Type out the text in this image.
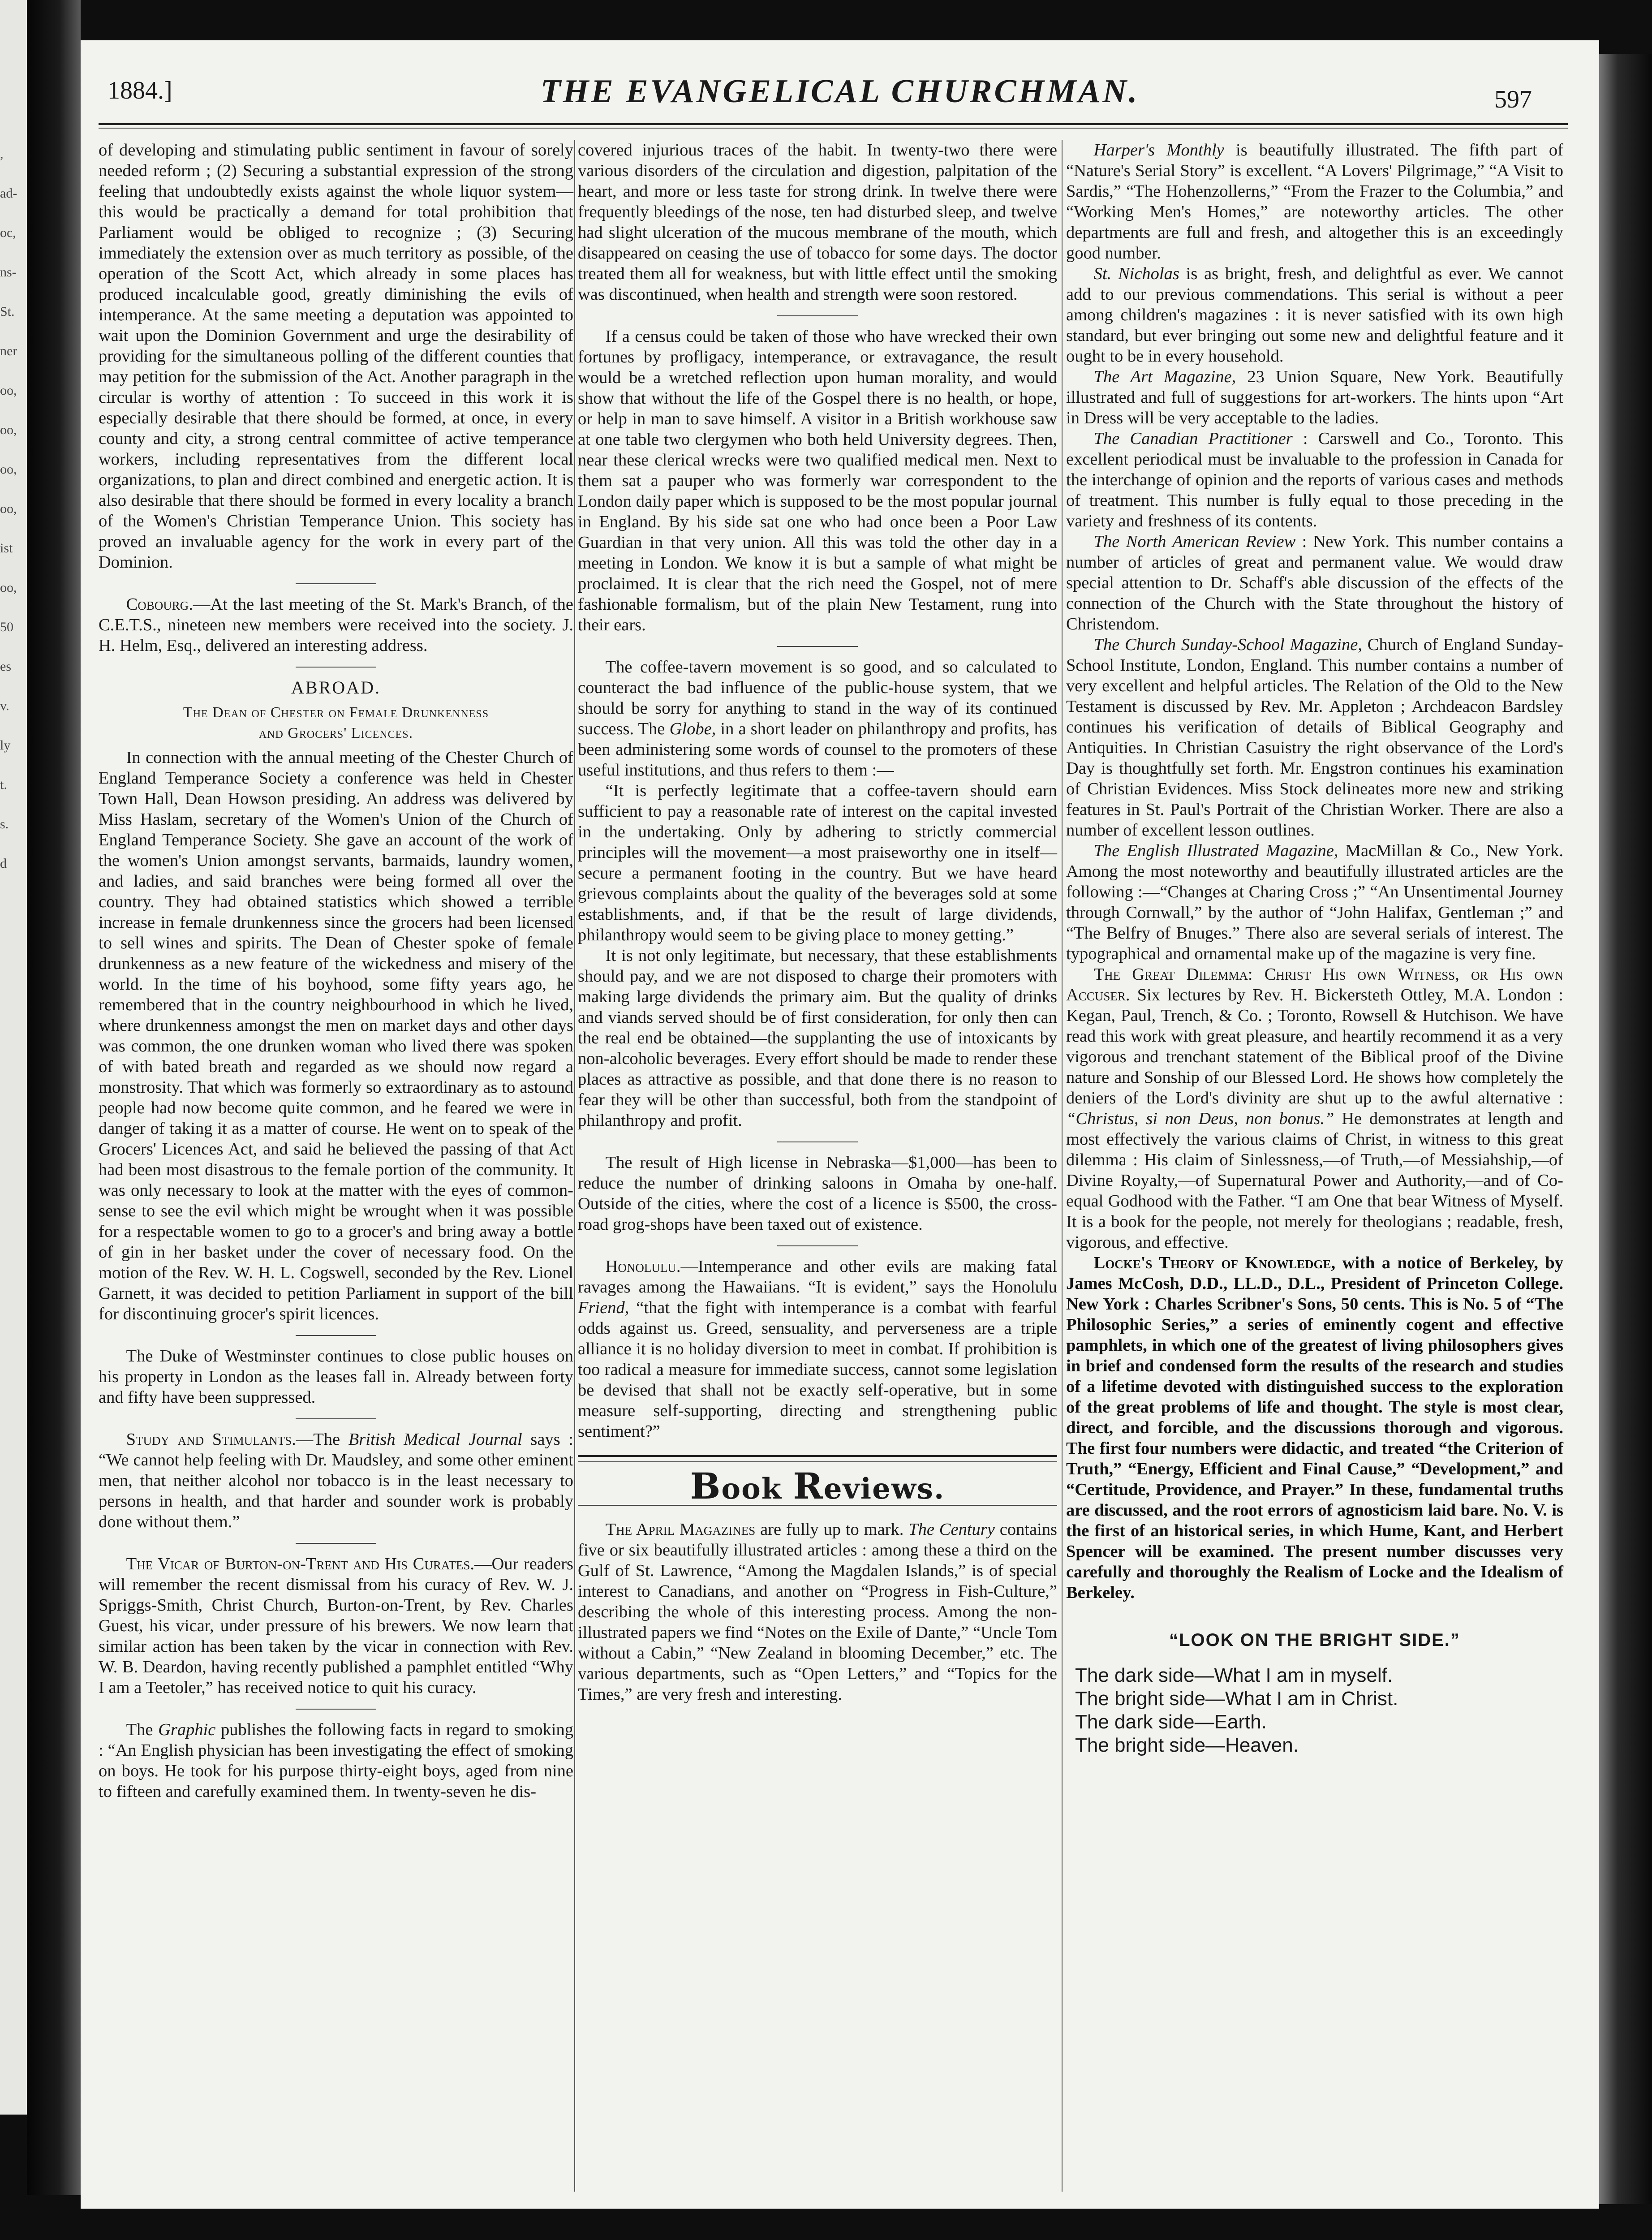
,
ad-
oc,
ns-
St.
ner
oo,
oo,
oo,
oo,
ist
oo,
50
es
v.
ly
t.
s.
d
1884.]	THE EVANGELICAL CHURCHMAN.	597

of developing and stimulating public sentiment in favour of sorely needed reform ; (2) Securing a substantial expression of the strong feeling that undoubtedly exists against the whole liquor system—this would be practically a demand for total prohibition that Parliament would be obliged to recognize ; (3) Securing immediately the extension over as much territory as possible, of the operation of the Scott Act, which already in some places has produced incalculable good, greatly diminishing the evils of intemperance. At the same meeting a deputation was appointed to wait upon the Dominion Government and urge the desirability of providing for the simultaneous polling of the different counties that may petition for the submission of the Act. Another paragraph in the circular is worthy of attention : To succeed in this work it is especially desirable that there should be formed, at once, in every county and city, a strong central committee of active temperance workers, including representatives from the different local organizations, to plan and direct combined and energetic action. It is also desirable that there should be formed in every locality a branch of the Women's Christian Temperance Union. This society has proved an invaluable agency for the work in every part of the Dominion.

Cobourg.—At the last meeting of the St. Mark's Branch, of the C.E.T.S., nineteen new members were received into the society. J. H. Helm, Esq., delivered an interesting address.

ABROAD.
The Dean of Chester on Female Drunkenness
and Grocers' Licences.

In connection with the annual meeting of the Chester Church of England Temperance Society a conference was held in Chester Town Hall, Dean Howson presiding. An address was delivered by Miss Haslam, secretary of the Women's Union of the Church of England Temperance Society. She gave an account of the work of the women's Union amongst servants, barmaids, laundry women, and ladies, and said branches were being formed all over the country. They had obtained statistics which showed a terrible increase in female drunkenness since the grocers had been licensed to sell wines and spirits. The Dean of Chester spoke of female drunkenness as a new feature of the wickedness and misery of the world. In the time of his boyhood, some fifty years ago, he remembered that in the country neighbourhood in which he lived, where drunkenness amongst the men on market days and other days was common, the one drunken woman who lived there was spoken of with bated breath and regarded as we should now regard a monstrosity. That which was formerly so extraordinary as to astound people had now become quite common, and he feared we were in danger of taking it as a matter of course. He went on to speak of the Grocers' Licences Act, and said he believed the passing of that Act had been most disastrous to the female portion of the community. It was only necessary to look at the matter with the eyes of common-sense to see the evil which might be wrought when it was possible for a respectable women to go to a grocer's and bring away a bottle of gin in her basket under the cover of necessary food. On the motion of the Rev. W. H. L. Cogswell, seconded by the Rev. Lionel Garnett, it was decided to petition Parliament in support of the bill for discontinuing grocer's spirit licences.

The Duke of Westminster continues to close public houses on his property in London as the leases fall in. Already between forty and fifty have been suppressed.

Study and Stimulants.—The British Medical Journal says : “We cannot help feeling with Dr. Maudsley, and some other eminent men, that neither alcohol nor tobacco is in the least necessary to persons in health, and that harder and sounder work is probably done without them.”

The Vicar of Burton-on-Trent and His Curates.—Our readers will remember the recent dismissal from his curacy of Rev. W. J. Spriggs-Smith, Christ Church, Burton-on-Trent, by Rev. Charles Guest, his vicar, under pressure of his brewers. We now learn that similar action has been taken by the vicar in connection with Rev. W. B. Deardon, having recently published a pamphlet entitled “Why I am a Teetoler,” has received notice to quit his curacy.

The Graphic publishes the following facts in regard to smoking : “An English physician has been investigating the effect of smoking on boys. He took for his purpose thirty-eight boys, aged from nine to fifteen and carefully examined them. In twenty-seven he dis-

covered injurious traces of the habit. In twenty-two there were various disorders of the circulation and digestion, palpitation of the heart, and more or less taste for strong drink. In twelve there were frequently bleedings of the nose, ten had disturbed sleep, and twelve had slight ulceration of the mucous membrane of the mouth, which disappeared on ceasing the use of tobacco for some days. The doctor treated them all for weakness, but with little effect until the smoking was discontinued, when health and strength were soon restored.

If a census could be taken of those who have wrecked their own fortunes by profligacy, intemperance, or extravagance, the result would be a wretched reflection upon human morality, and would show that without the life of the Gospel there is no health, or hope, or help in man to save himself. A visitor in a British workhouse saw at one table two clergymen who both held University degrees. Then, near these clerical wrecks were two qualified medical men. Next to them sat a pauper who was formerly war correspondent to the London daily paper which is supposed to be the most popular journal in England. By his side sat one who had once been a Poor Law Guardian in that very union. All this was told the other day in a meeting in London. We know it is but a sample of what might be proclaimed. It is clear that the rich need the Gospel, not of mere fashionable formalism, but of the plain New Testament, rung into their ears.

The coffee-tavern movement is so good, and so calculated to counteract the bad influence of the public-house system, that we should be sorry for anything to stand in the way of its continued success. The Globe, in a short leader on philanthropy and profits, has been administering some words of counsel to the promoters of these useful institutions, and thus refers to them :—

“It is perfectly legitimate that a coffee-tavern should earn sufficient to pay a reasonable rate of interest on the capital invested in the undertaking. Only by adhering to strictly commercial principles will the movement—a most praiseworthy one in itself—secure a permanent footing in the country. But we have heard grievous complaints about the quality of the beverages sold at some establishments, and, if that be the result of large dividends, philanthropy would seem to be giving place to money getting.”

It is not only legitimate, but necessary, that these establishments should pay, and we are not disposed to charge their promoters with making large dividends the primary aim. But the quality of drinks and viands served should be of first consideration, for only then can the real end be obtained—the supplanting the use of intoxicants by non-alcoholic beverages. Every effort should be made to render these places as attractive as possible, and that done there is no reason to fear they will be other than successful, both from the standpoint of philanthropy and profit.

The result of High license in Nebraska—$1,000—has been to reduce the number of drinking saloons in Omaha by one-half. Outside of the cities, where the cost of a licence is $500, the cross-road grog-shops have been taxed out of existence.

Honolulu.—Intemperance and other evils are making fatal ravages among the Hawaiians. “It is evident,” says the Honolulu Friend, “that the fight with intemperance is a combat with fearful odds against us. Greed, sensuality, and perverseness are a triple alliance it is no holiday diversion to meet in combat. If prohibition is too radical a measure for immediate success, cannot some legislation be devised that shall not be exactly self-operative, but in some measure self-supporting, directing and strengthening public sentiment?”

Book Reviews.

The April Magazines are fully up to mark. The Century contains five or six beautifully illustrated articles : among these a third on the Gulf of St. Lawrence, “Among the Magdalen Islands,” is of special interest to Canadians, and another on “Progress in Fish-Culture,” describing the whole of this interesting process. Among the non-illustrated papers we find “Notes on the Exile of Dante,” “Uncle Tom without a Cabin,” “New Zealand in blooming December,” etc. The various departments, such as “Open Letters,” and “Topics for the Times,” are very fresh and interesting.

Harper's Monthly is beautifully illustrated. The fifth part of “Nature's Serial Story” is excellent. “A Lovers' Pilgrimage,” “A Visit to Sardis,” “The Hohenzollerns,” “From the Frazer to the Columbia,” and “Working Men's Homes,” are noteworthy articles. The other departments are full and fresh, and altogether this is an exceedingly good number.

St. Nicholas is as bright, fresh, and delightful as ever. We cannot add to our previous commendations. This serial is without a peer among children's magazines : it is never satisfied with its own high standard, but ever bringing out some new and delightful feature and it ought to be in every household.

The Art Magazine, 23 Union Square, New York. Beautifully illustrated and full of suggestions for art-workers. The hints upon “Art in Dress will be very acceptable to the ladies.

The Canadian Practitioner : Carswell and Co., Toronto. This excellent periodical must be invaluable to the profession in Canada for the interchange of opinion and the reports of various cases and methods of treatment. This number is fully equal to those preceding in the variety and freshness of its contents.

The North American Review : New York. This number contains a number of articles of great and permanent value. We would draw special attention to Dr. Schaff's able discussion of the effects of the connection of the Church with the State throughout the history of Christendom.

The Church Sunday-School Magazine, Church of England Sunday-School Institute, London, England. This number contains a number of very excellent and helpful articles. The Relation of the Old to the New Testament is discussed by Rev. Mr. Appleton ; Archdeacon Bardsley continues his verification of details of Biblical Geography and Antiquities. In Christian Casuistry the right observance of the Lord's Day is thoughtfully set forth. Mr. Engstron continues his examination of Christian Evidences. Miss Stock delineates more new and striking features in St. Paul's Portrait of the Christian Worker. There are also a number of excellent lesson outlines.

The English Illustrated Magazine, MacMillan & Co., New York. Among the most noteworthy and beautifully illustrated articles are the following :—“Changes at Charing Cross ;” “An Unsentimental Journey through Cornwall,” by the author of “John Halifax, Gentleman ;” and “The Belfry of Bnuges.” There also are several serials of interest. The typographical and ornamental make up of the magazine is very fine.

The Great Dilemma: Christ His own Witness, or His own Accuser. Six lectures by Rev. H. Bickersteth Ottley, M.A. London : Kegan, Paul, Trench, & Co. ; Toronto, Rowsell & Hutchison. We have read this work with great pleasure, and heartily recommend it as a very vigorous and trenchant statement of the Biblical proof of the Divine nature and Sonship of our Blessed Lord. He shows how completely the deniers of the Lord's divinity are shut up to the awful alternative : “Christus, si non Deus, non bonus.” He demonstrates at length and most effectively the various claims of Christ, in witness to this great dilemma : His claim of Sinlessness,—of Truth,—of Messiahship,—of Divine Royalty,—of Supernatural Power and Authority,—and of Co-equal Godhood with the Father. “I am One that bear Witness of Myself. It is a book for the people, not merely for theologians ; readable, fresh, vigorous, and effective.

Locke's Theory of Knowledge, with a notice of Berkeley, by James McCosh, D.D., LL.D., D.L., President of Princeton College. New York : Charles Scribner's Sons, 50 cents. This is No. 5 of “The Philosophic Series,” a series of eminently cogent and effective pamphlets, in which one of the greatest of living philosophers gives in brief and condensed form the results of the research and studies of a lifetime devoted with distinguished success to the exploration of the great problems of life and thought. The style is most clear, direct, and forcible, and the discussions thorough and vigorous. The first four numbers were didactic, and treated “the Criterion of Truth,” “Energy, Efficient and Final Cause,” “Development,” and “Certitude, Providence, and Prayer.” In these, fundamental truths are discussed, and the root errors of agnosticism laid bare. No. V. is the first of an historical series, in which Hume, Kant, and Herbert Spencer will be examined. The present number discusses very carefully and thoroughly the Realism of Locke and the Idealism of Berkeley.

“LOOK ON THE BRIGHT SIDE.”
The dark side—What I am in myself.
The bright side—What I am in Christ.
The dark side—Earth.
The bright side—Heaven.
